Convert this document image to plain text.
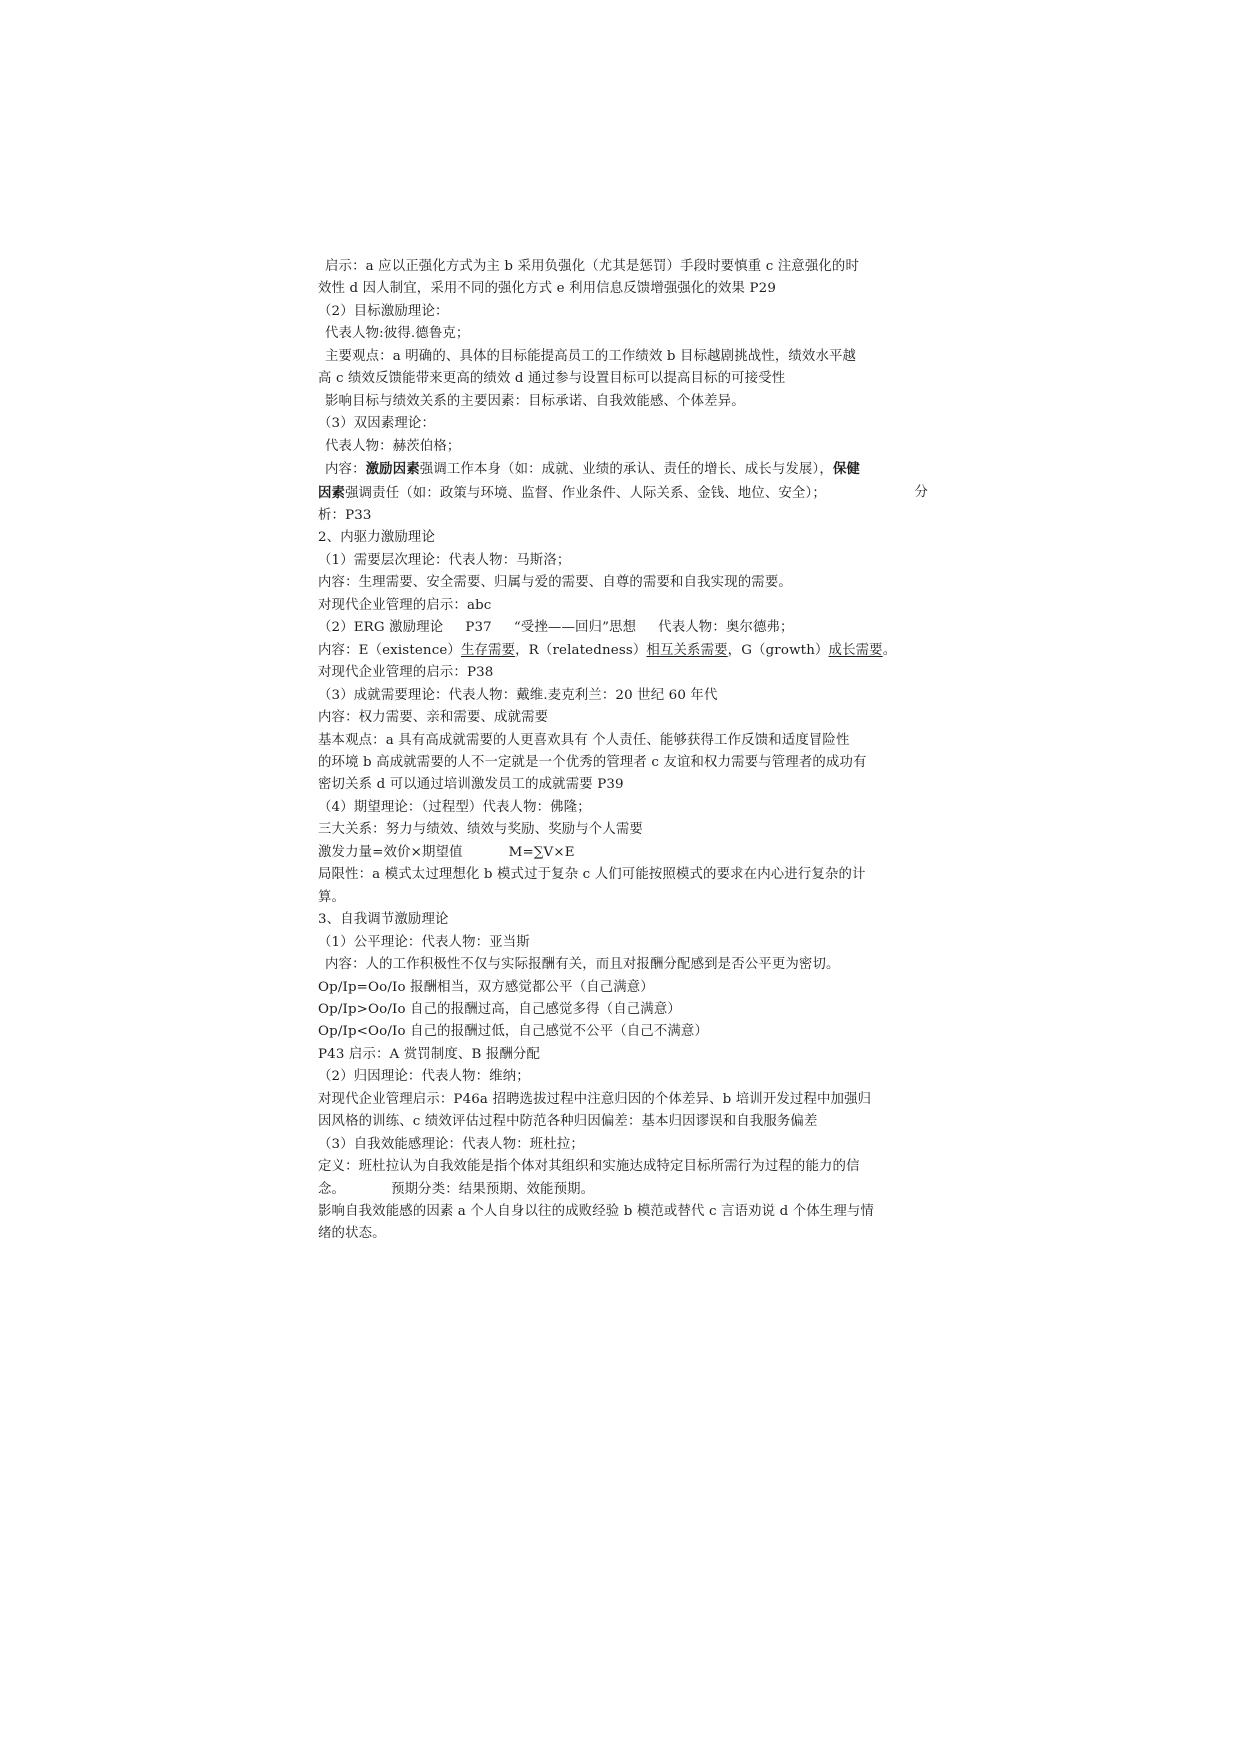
启示：a 应以正强化方式为主 b 采用负强化（尤其是惩罚）手段时要慎重 c 注意强化的时
效性 d 因人制宜，采用不同的强化方式 e 利用信息反馈增强强化的效果 P29
（2）目标激励理论：
代表人物:彼得.德鲁克；
主要观点：a 明确的、具体的目标能提高员工的工作绩效 b 目标越剧挑战性，绩效水平越
高 c 绩效反馈能带来更高的绩效 d 通过参与设置目标可以提高目标的可接受性
影响目标与绩效关系的主要因素：目标承诺、自我效能感、个体差异。
（3）双因素理论：
代表人物：赫茨伯格；
内容：激励因素强调工作本身（如：成就、业绩的承认、责任的增长、成长与发展），保健
因素强调责任（如：政策与环境、监督、作业条件、人际关系、金钱、地位、安全）；	分
析：P33
2、内驱力激励理论
（1）需要层次理论：代表人物：马斯洛；
内容：生理需要、安全需要、归属与爱的需要、自尊的需要和自我实现的需要。
对现代企业管理的启示：abc
（2）ERG 激励理论 P37 “受挫——回归”思想 代表人物：奥尔德弗；
内容：E（existence）生存需要，R（relatedness）相互关系需要，G（growth）成长需要。
对现代企业管理的启示：P38
（3）成就需要理论：代表人物：戴维.麦克利兰：20 世纪 60 年代
内容：权力需要、亲和需要、成就需要
基本观点：a 具有高成就需要的人更喜欢具有 个人责任、能够获得工作反馈和适度冒险性
的环境 b 高成就需要的人不一定就是一个优秀的管理者 c 友谊和权力需要与管理者的成功有
密切关系 d 可以通过培训激发员工的成就需要 P39
（4）期望理论：（过程型）代表人物：佛隆；
三大关系：努力与绩效、绩效与奖励、奖励与个人需要
激发力量=效价×期望值	M=∑V×E
局限性：a 模式太过理想化 b 模式过于复杂 c 人们可能按照模式的要求在内心进行复杂的计
算。
3、自我调节激励理论
（1）公平理论：代表人物：亚当斯
内容：人的工作积极性不仅与实际报酬有关，而且对报酬分配感到是否公平更为密切。
Op/Ip=Oo/Io 报酬相当，双方感觉都公平（自己满意）
Op/Ip>Oo/Io 自己的报酬过高，自己感觉多得（自己满意）
Op/Ip<Oo/Io 自己的报酬过低，自己感觉不公平（自己不满意）
P43 启示：A 赏罚制度、B 报酬分配
（2）归因理论：代表人物：维纳；
对现代企业管理启示：P46a 招聘选拔过程中注意归因的个体差异、b 培训开发过程中加强归
因风格的训练、c 绩效评估过程中防范各种归因偏差：基本归因谬误和自我服务偏差
（3）自我效能感理论：代表人物：班杜拉；
定义：班杜拉认为自我效能是指个体对其组织和实施达成特定目标所需行为过程的能力的信
念。	预期分类：结果预期、效能预期。
影响自我效能感的因素 a 个人自身以往的成败经验 b 模范或替代 c 言语劝说 d 个体生理与情
绪的状态。
